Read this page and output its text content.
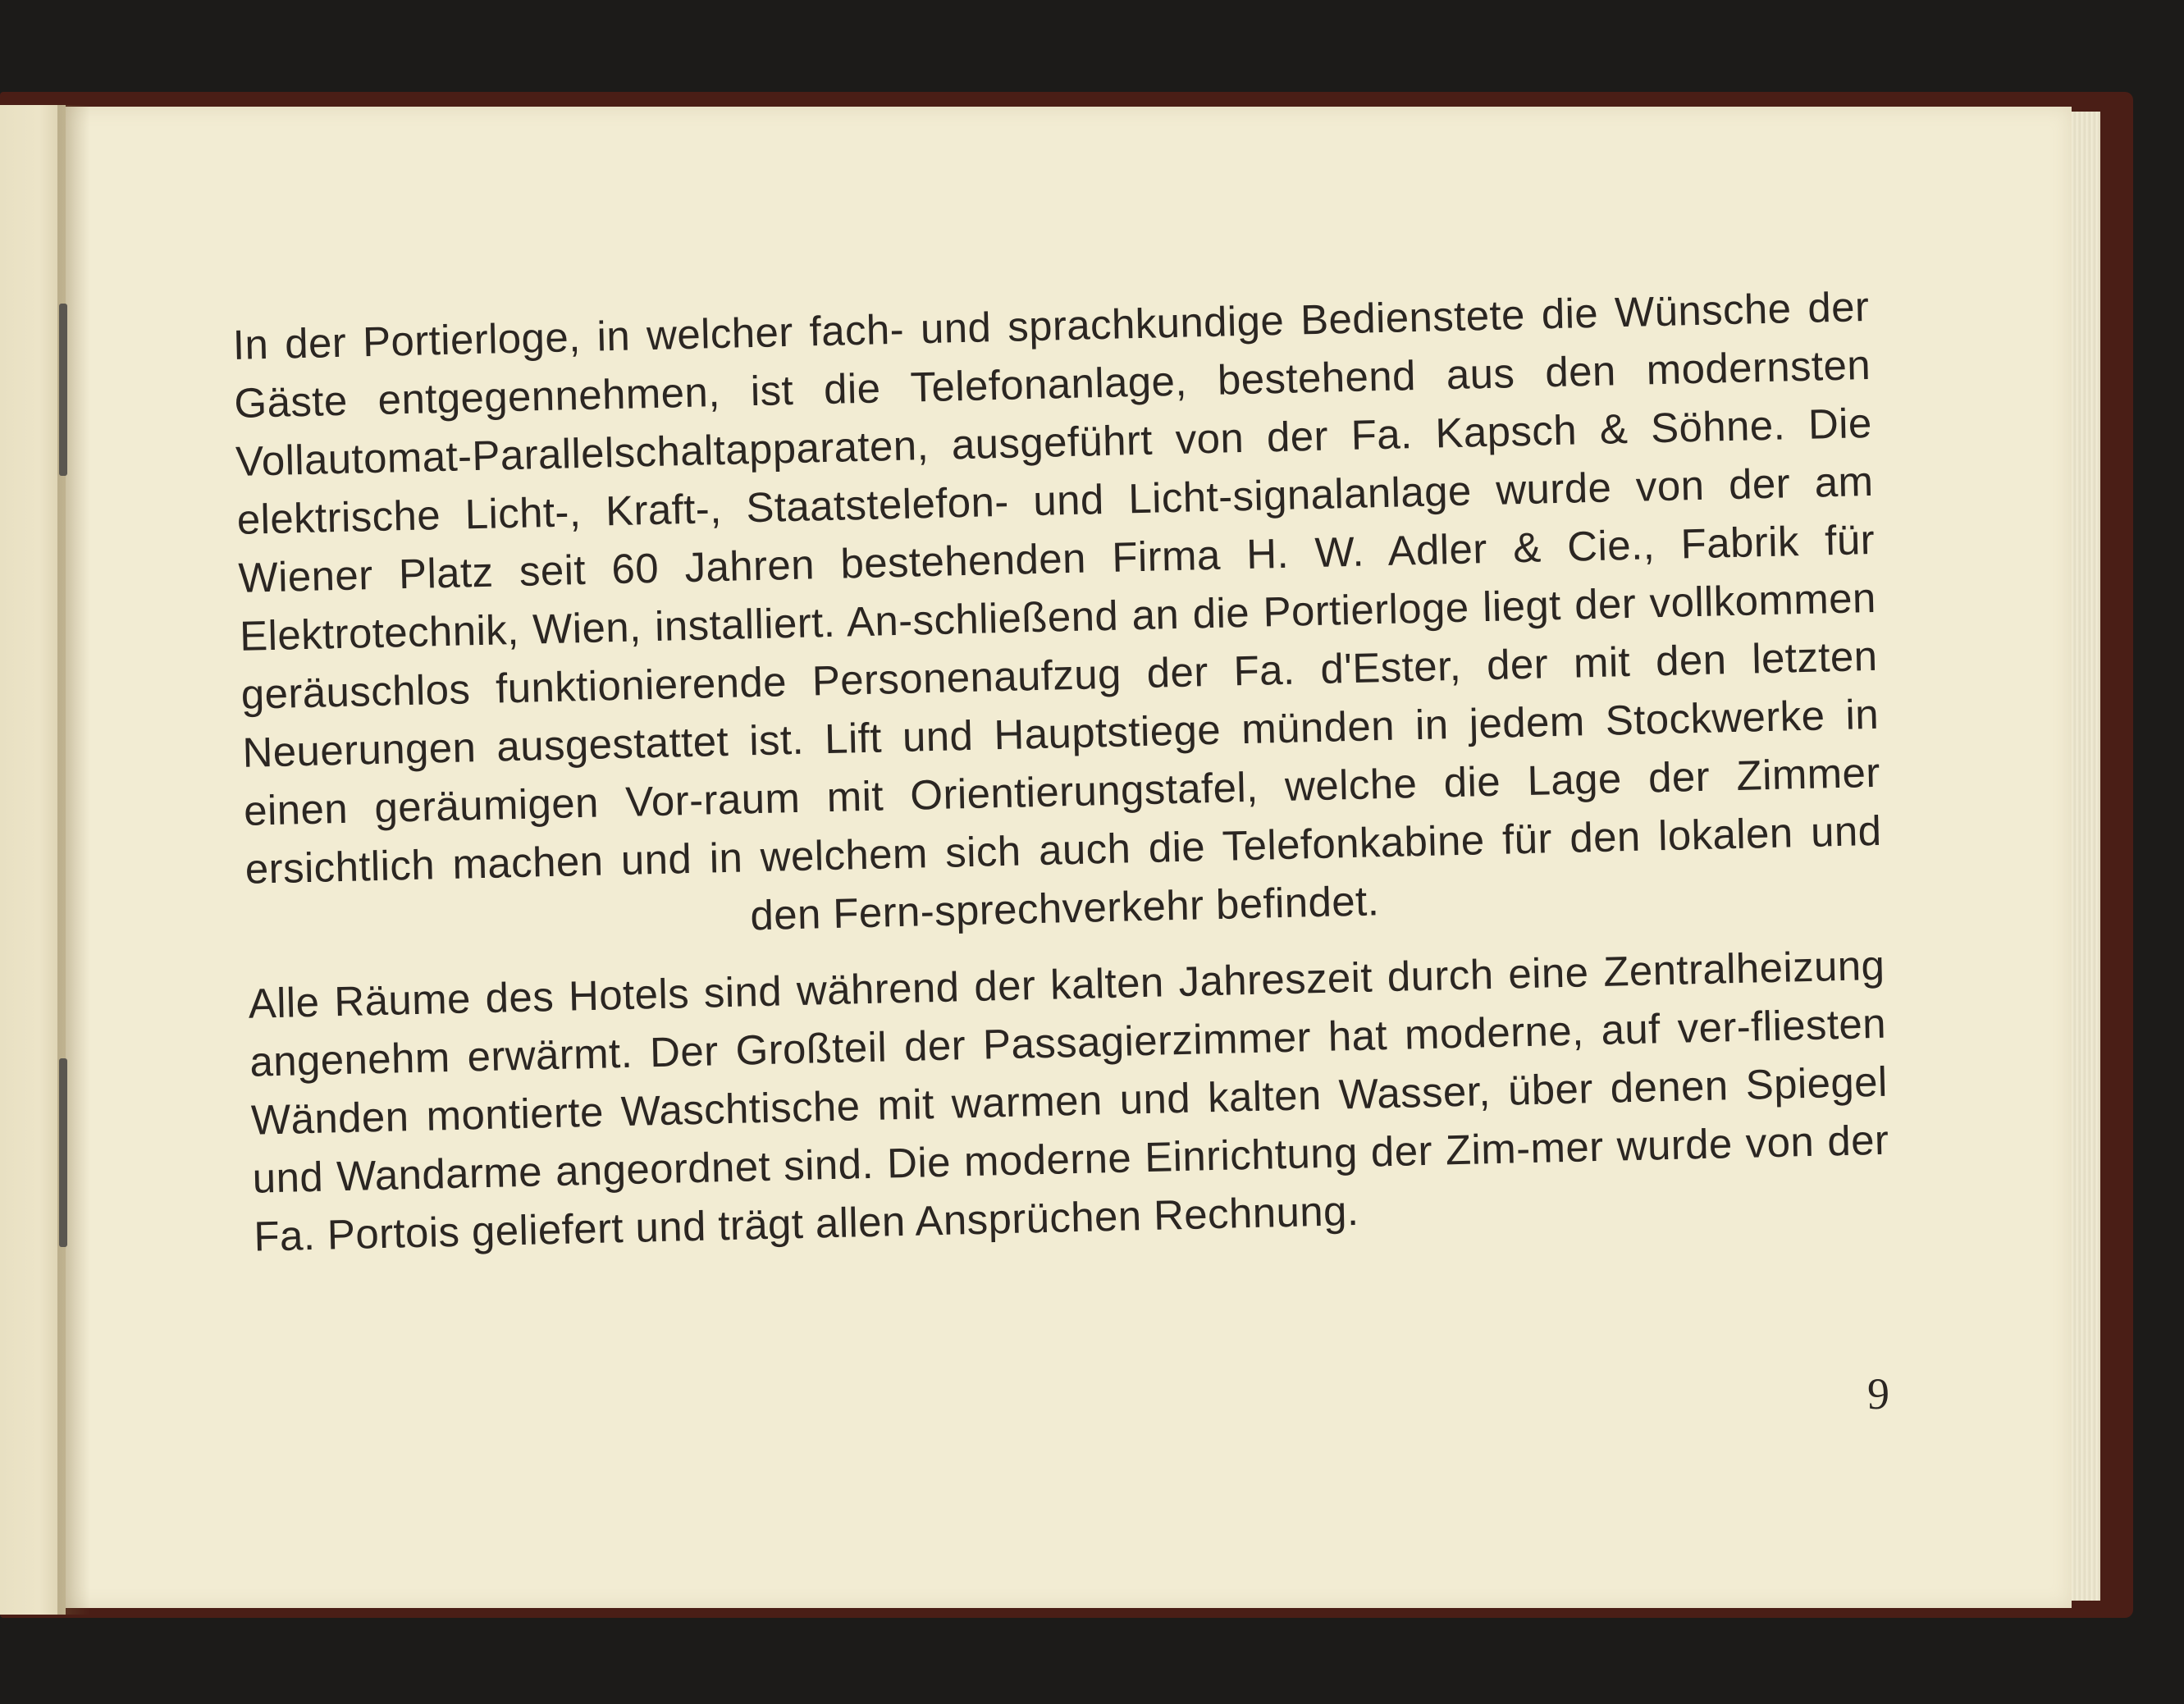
In der Portierloge, in welcher fach- und sprachkundige Bedienstete die Wünsche der Gäste entgegennehmen, ist die Telefonanlage, bestehend aus den modernsten Vollautomat-Parallelschaltapparaten, ausgeführt von der Fa. Kapsch & Söhne. Die elektrische Licht-, Kraft-, Staatstelefon- und Licht-signalanlage wurde von der am Wiener Platz seit 60 Jahren bestehenden Firma H. W. Adler & Cie., Fabrik für Elektrotechnik, Wien, installiert. An-schließend an die Portierloge liegt der vollkommen geräuschlos funktionierende Personenaufzug der Fa. d'Ester, der mit den letzten Neuerungen ausgestattet ist. Lift und Hauptstiege münden in jedem Stockwerke in einen geräumigen Vor-raum mit Orientierungstafel, welche die Lage der Zimmer ersichtlich machen und in welchem sich auch die Telefonkabine für den lokalen und den Fern-sprechverkehr befindet.

Alle Räume des Hotels sind während der kalten Jahreszeit durch eine Zentralheizung angenehm erwärmt. Der Großteil der Passagierzimmer hat moderne, auf ver-fliesten Wänden montierte Waschtische mit warmen und kalten Wasser, über denen Spiegel und Wandarme angeordnet sind. Die moderne Einrichtung der Zim-mer wurde von der Fa. Portois geliefert und trägt allen Ansprüchen Rechnung.

9
